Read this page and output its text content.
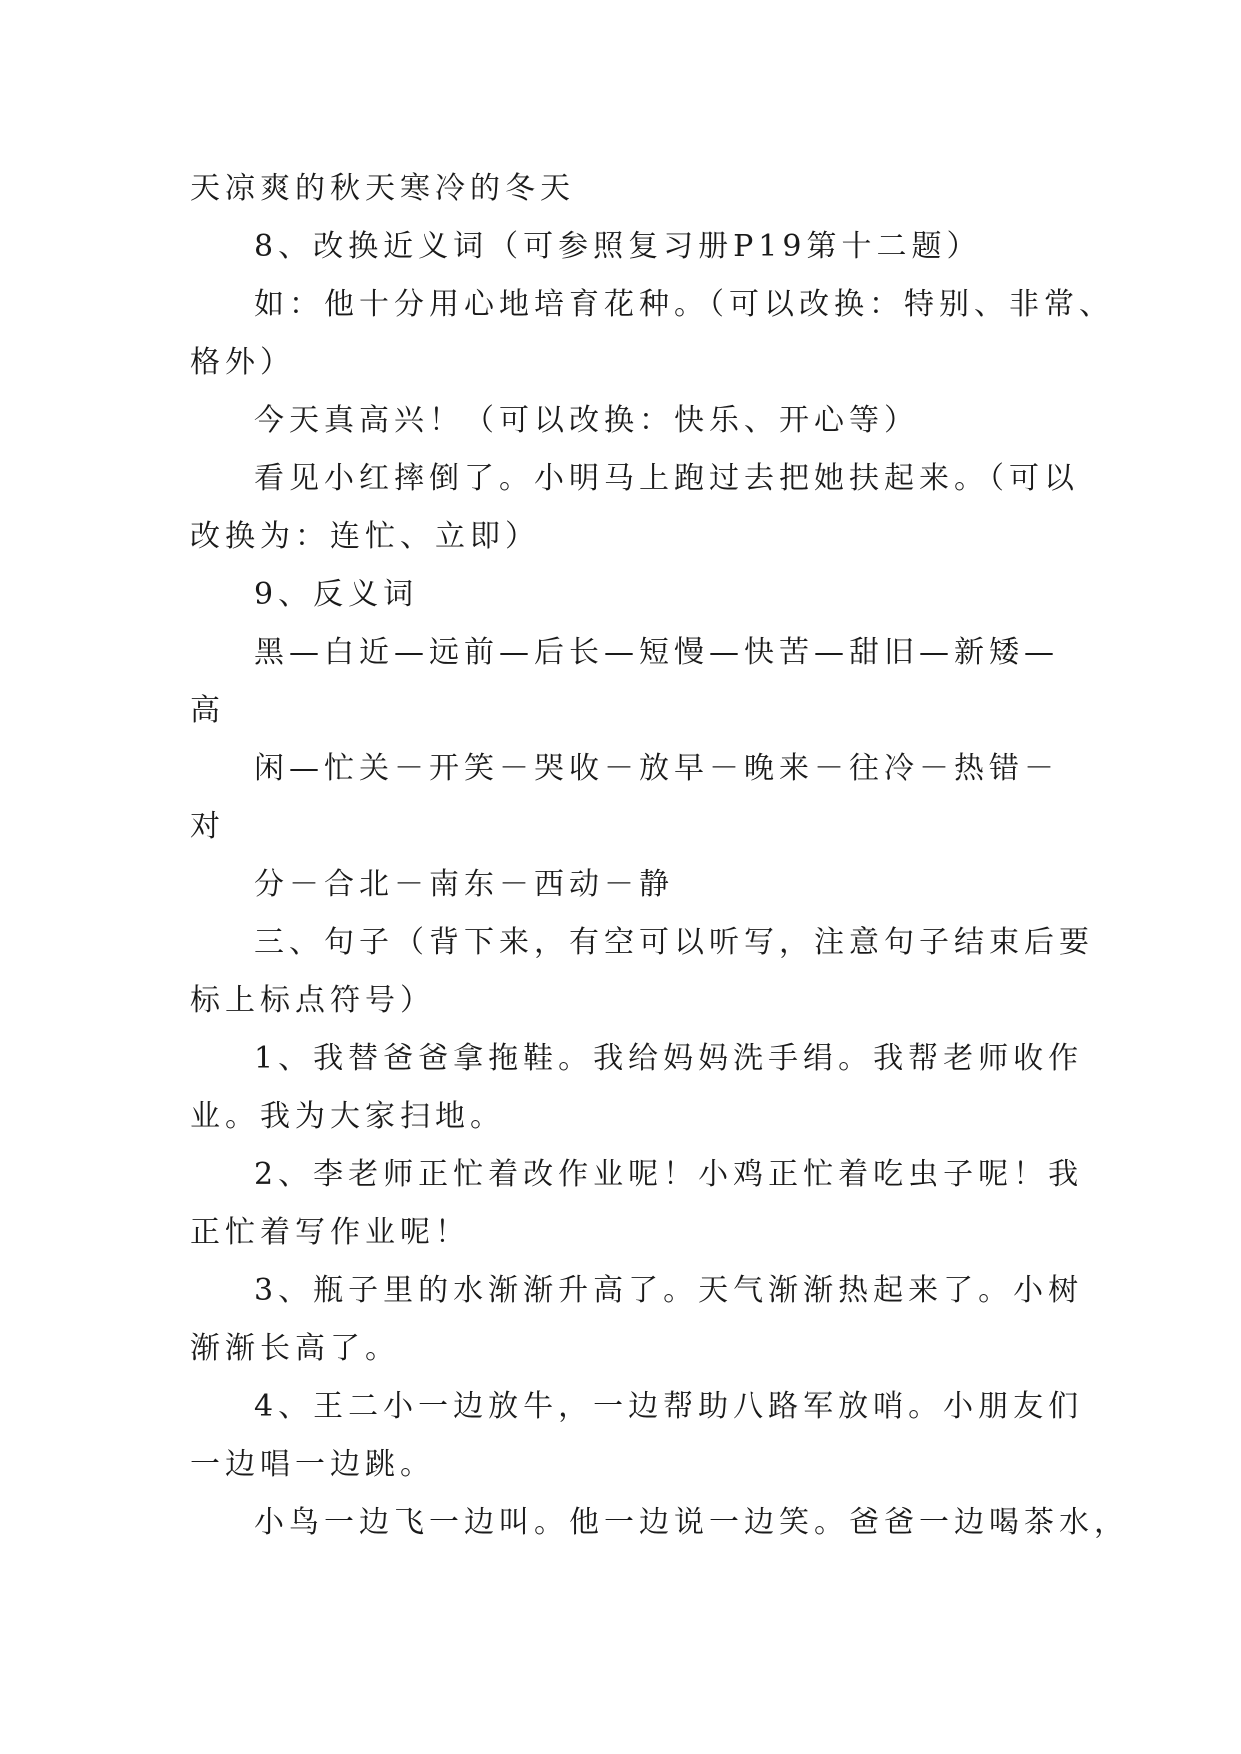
天凉爽的秋天寒冷的冬天
8、改换近义词（可参照复习册P19第十二题）
如：他十分用心地培育花种。（可以改换：特别、非常、
格外）
今天真高兴！（可以改换：快乐、开心等）
看见小红摔倒了。小明马上跑过去把她扶起来。（可以
改换为：连忙、立即）
9、反义词
黑—白近—远前—后长—短慢—快苦—甜旧—新矮—
高
闲—忙关－开笑－哭收－放早－晚来－往冷－热错－
对
分－合北－南东－西动－静
三、句子（背下来，有空可以听写，注意句子结束后要
标上标点符号）
1、我替爸爸拿拖鞋。我给妈妈洗手绢。我帮老师收作
业。我为大家扫地。
2、李老师正忙着改作业呢！小鸡正忙着吃虫子呢！我
正忙着写作业呢！
3、瓶子里的水渐渐升高了。天气渐渐热起来了。小树
渐渐长高了。
4、王二小一边放牛，一边帮助八路军放哨。小朋友们
一边唱一边跳。
小鸟一边飞一边叫。他一边说一边笑。爸爸一边喝茶水，
